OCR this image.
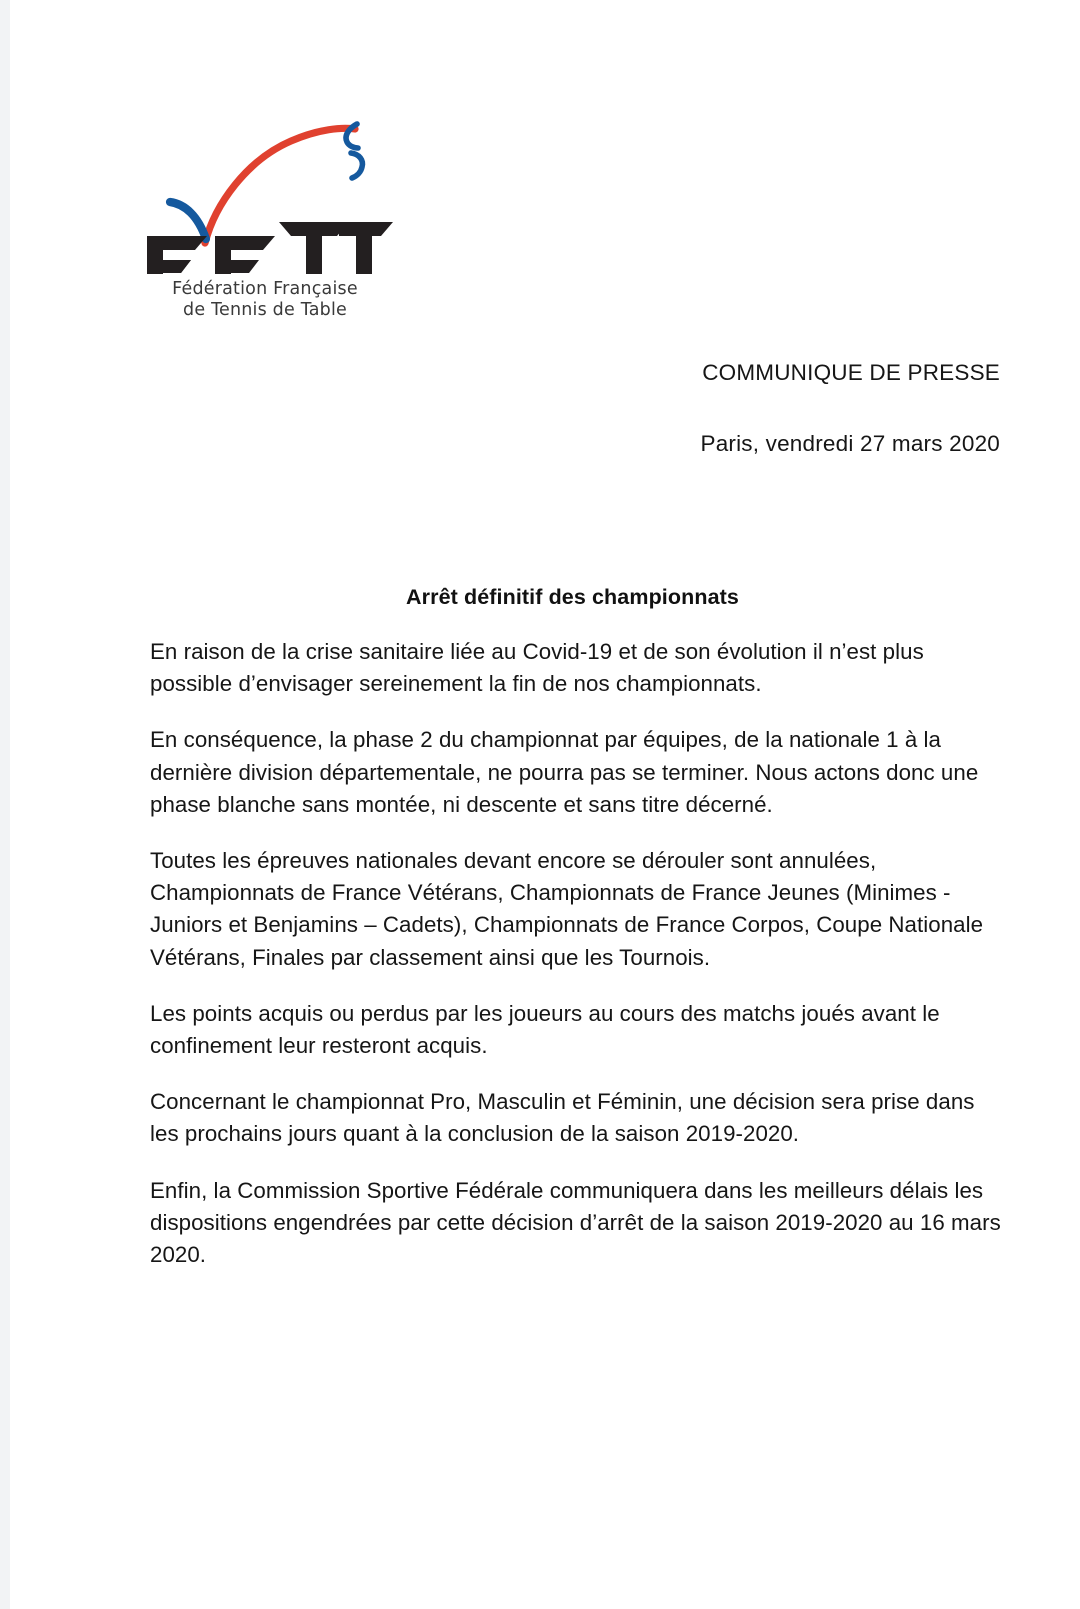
Fédération Française
de Tennis de Table
COMMUNIQUE DE PRESSE
Paris, vendredi 27 mars 2020
Arrêt définitif des championnats

En raison de la crise sanitaire liée au Covid-19 et de son évolution il n’est plus possible d’envisager sereinement la fin de nos championnats.

En conséquence, la phase 2 du championnat par équipes, de la nationale 1 à la dernière division départementale, ne pourra pas se terminer. Nous actons donc une phase blanche sans montée, ni descente et sans titre décerné.

Toutes les épreuves nationales devant encore se dérouler sont annulées, Championnats de France Vétérans, Championnats de France Jeunes (Minimes - Juniors et Benjamins – Cadets), Championnats de France Corpos, Coupe Nationale Vétérans, Finales par classement ainsi que les Tournois.

Les points acquis ou perdus par les joueurs au cours des matchs joués avant le confinement leur resteront acquis.

Concernant le championnat Pro, Masculin et Féminin, une décision sera prise dans les prochains jours quant à la conclusion de la saison 2019-2020.

Enfin, la Commission Sportive Fédérale communiquera dans les meilleurs délais les dispositions engendrées par cette décision d’arrêt de la saison 2019-2020 au 16 mars 2020.
